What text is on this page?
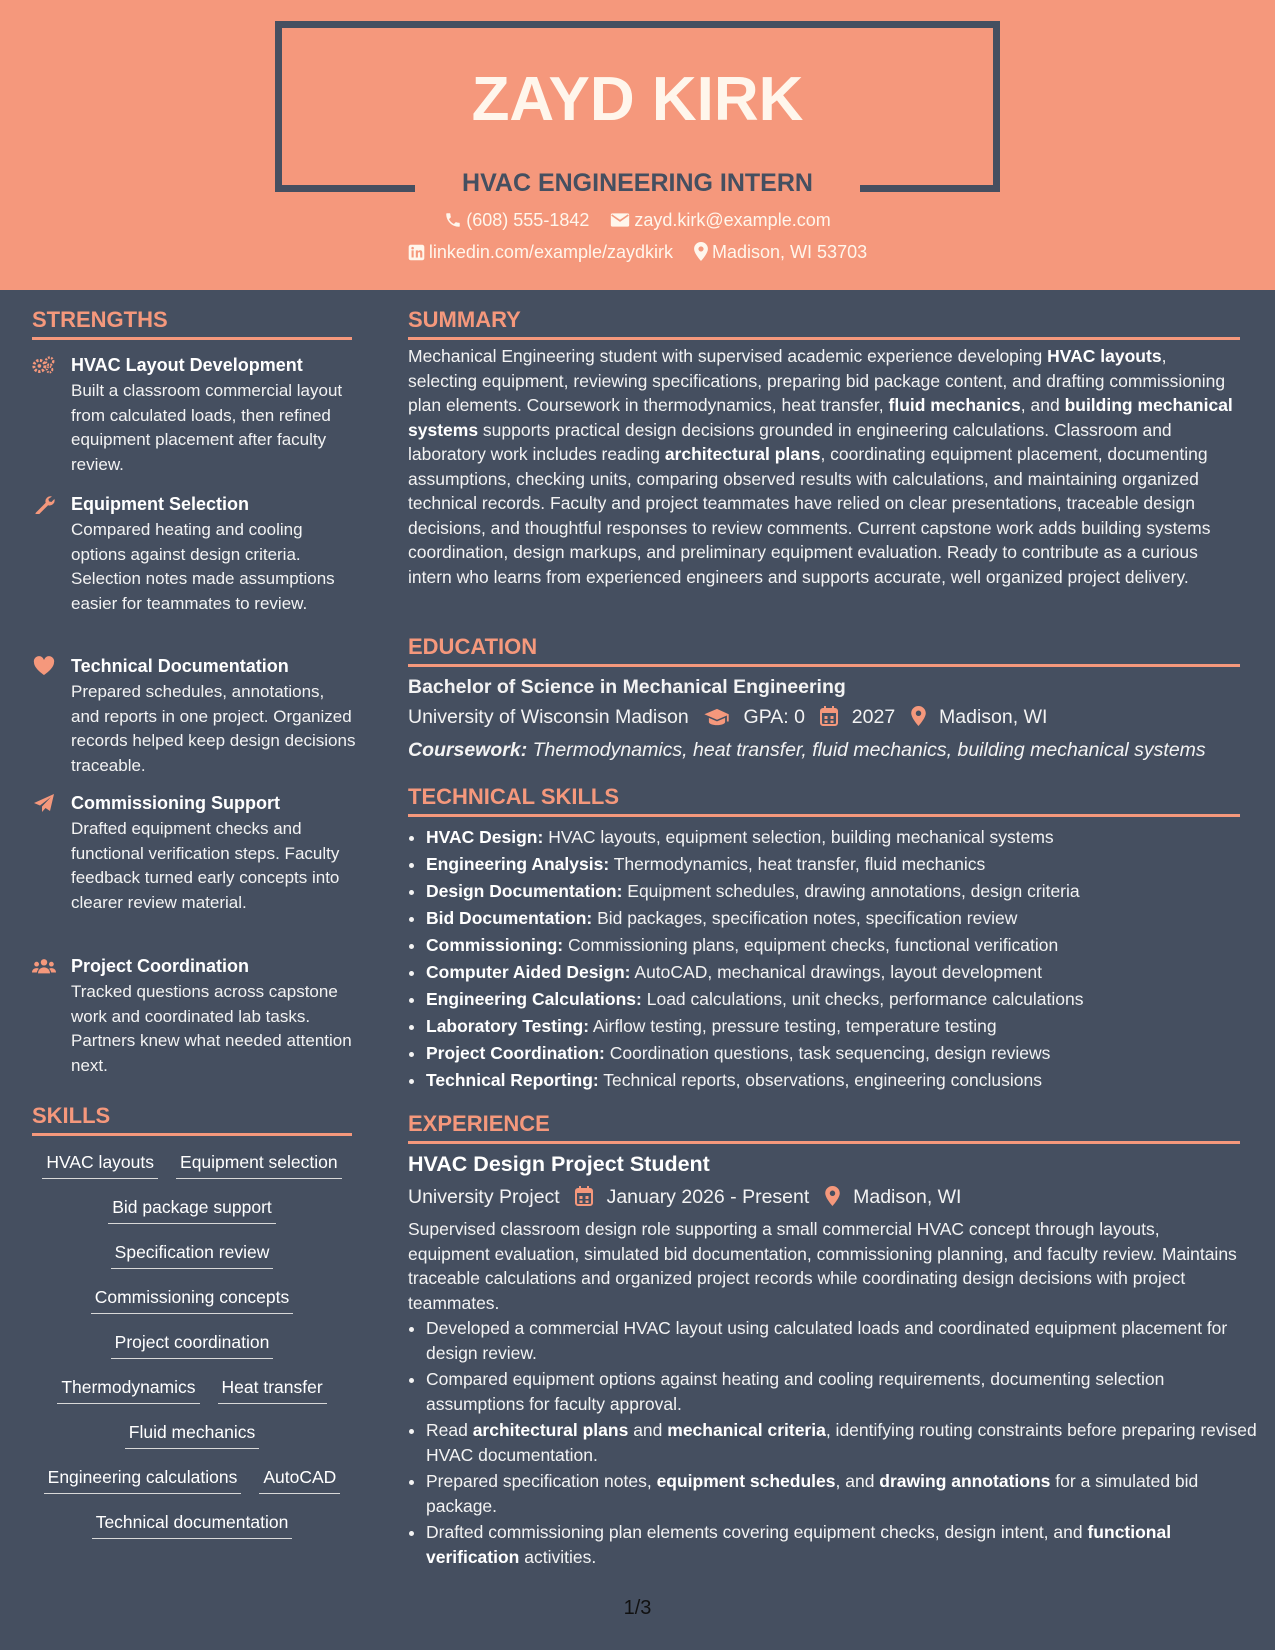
ZAYD KIRK
HVAC ENGINEERING INTERN
(608) 555-1842	zayd.kirk@example.com
linkedin.com/example/zaydkirk Madison, WI 53703
STRENGTHS
HVAC Layout Development
Built a classroom commercial layout from calculated loads, then refined equipment placement after faculty review.
Equipment Selection
Compared heating and cooling options against design criteria. Selection notes made assumptions easier for teammates to review.
Technical Documentation
Prepared schedules, annotations, and reports in one project. Organized records helped keep design decisions traceable.
Commissioning Support
Drafted equipment checks and functional verification steps. Faculty feedback turned early concepts into clearer review material.
Project Coordination
Tracked questions across capstone work and coordinated lab tasks. Partners knew what needed attention next.
SKILLS
HVAC layouts Equipment selection
Bid package support
Specification review
Commissioning concepts
Project coordination
Thermodynamics Heat transfer
Fluid mechanics
Engineering calculations AutoCAD
Technical documentation
SUMMARY
Mechanical Engineering student with supervised academic experience developing HVAC layouts, selecting equipment, reviewing specifications, preparing bid package content, and drafting commissioning plan elements. Coursework in thermodynamics, heat transfer, fluid mechanics, and building mechanical systems supports practical design decisions grounded in engineering calculations. Classroom and laboratory work includes reading architectural plans, coordinating equipment placement, documenting assumptions, checking units, comparing observed results with calculations, and maintaining organized technical records. Faculty and project teammates have relied on clear presentations, traceable design decisions, and thoughtful responses to review comments. Current capstone work adds building systems coordination, design markups, and preliminary equipment evaluation. Ready to contribute as a curious intern who learns from experienced engineers and supports accurate, well organized project delivery.
EDUCATION
Bachelor of Science in Mechanical Engineering
University of Wisconsin Madison	GPA: 0 2027 Madison, WI
Coursework: Thermodynamics, heat transfer, fluid mechanics, building mechanical systems
TECHNICAL SKILLS
• HVAC Design: HVAC layouts, equipment selection, building mechanical systems
• Engineering Analysis: Thermodynamics, heat transfer, fluid mechanics
• Design Documentation: Equipment schedules, drawing annotations, design criteria
• Bid Documentation: Bid packages, specification notes, specification review
• Commissioning: Commissioning plans, equipment checks, functional verification
• Computer Aided Design: AutoCAD, mechanical drawings, layout development
• Engineering Calculations: Load calculations, unit checks, performance calculations
• Laboratory Testing: Airflow testing, pressure testing, temperature testing
• Project Coordination: Coordination questions, task sequencing, design reviews
• Technical Reporting: Technical reports, observations, engineering conclusions
EXPERIENCE
HVAC Design Project Student
University Project January 2026 - Present Madison, WI
Supervised classroom design role supporting a small commercial HVAC concept through layouts, equipment evaluation, simulated bid documentation, commissioning planning, and faculty review. Maintains traceable calculations and organized project records while coordinating design decisions with project teammates.
• Developed a commercial HVAC layout using calculated loads and coordinated equipment placement for design review.
• Compared equipment options against heating and cooling requirements, documenting selection assumptions for faculty approval.
• Read architectural plans and mechanical criteria, identifying routing constraints before preparing revised HVAC documentation.
• Prepared specification notes, equipment schedules, and drawing annotations for a simulated bid package.
• Drafted commissioning plan elements covering equipment checks, design intent, and functional verification activities.
1/3
